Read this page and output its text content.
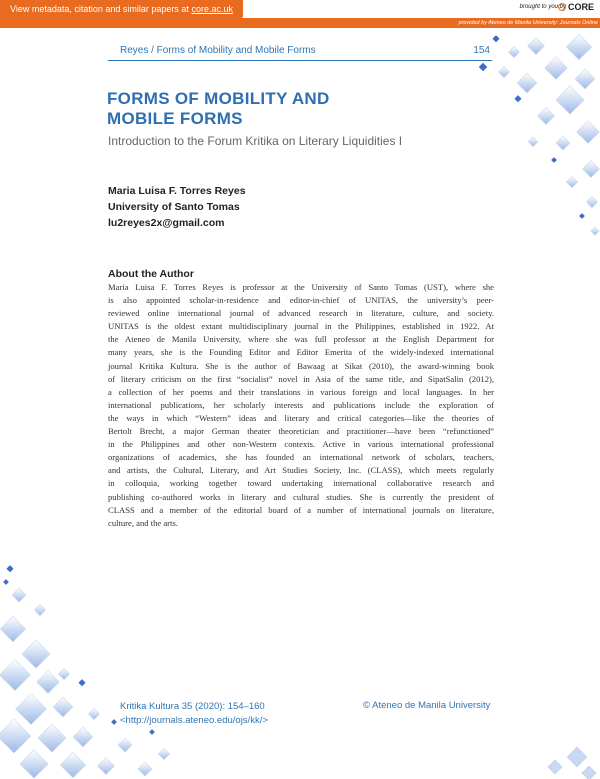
View metadata, citation and similar papers at core.ac.uk	brought to you by CORE
provided by Ateneo de Manila University: Journals Online
Reyes / Forms of Mobility and Mobile Forms	154
FORMS OF MOBILITY AND
MOBILE FORMS
Introduction to the Forum Kritika on Literary Liquidities I
Maria Luisa F. Torres Reyes
University of Santo Tomas
lu2reyes2x@gmail.com
About the Author
Maria Luisa F. Torres Reyes is professor at the University of Santo Tomas (UST), where she
is also appointed scholar-in-residence and editor-in-chief of UNITAS, the university’s peer-
reviewed online international journal of advanced research in literature, culture, and society.
UNITAS is the oldest extant multidisciplinary journal in the Philippines, established in 1922. At
the Ateneo de Manila University, where she was full professor at the English Department for
many years, she is the Founding Editor and Editor Emerita of the widely-indexed international
journal Kritika Kultura. She is the author of Bawaag at Sikat (2010), the award-winning book
of literary criticism on the first “socialist” novel in Asia of the same title, and SipatSalin (2012),
a collection of her poems and their translations in various foreign and local languages. In her
international publications, her scholarly interests and publications include the exploration of
the ways in which “Western” ideas and literary and critical categories—like the theories of
Bertolt Brecht, a major German theater theoretician and practitioner—have been “refunctioned”
in the Philippines and other non-Western contexts. Active in various international professional
organizations of academics, she has founded an international network of scholars, teachers,
and artists, the Cultural, Literary, and Art Studies Society, Inc. (CLASS), which meets regularly
in colloquia, working together toward undertaking international collaborative research and
publishing co-authored works in literary and cultural studies. She is currently the president of
CLASS and a member of the editorial board of a number of international journals on literature,
culture, and the arts.
Kritika Kultura 35 (2020): 154–160
<http://journals.ateneo.edu/ojs/kk/>
© Ateneo de Manila University
